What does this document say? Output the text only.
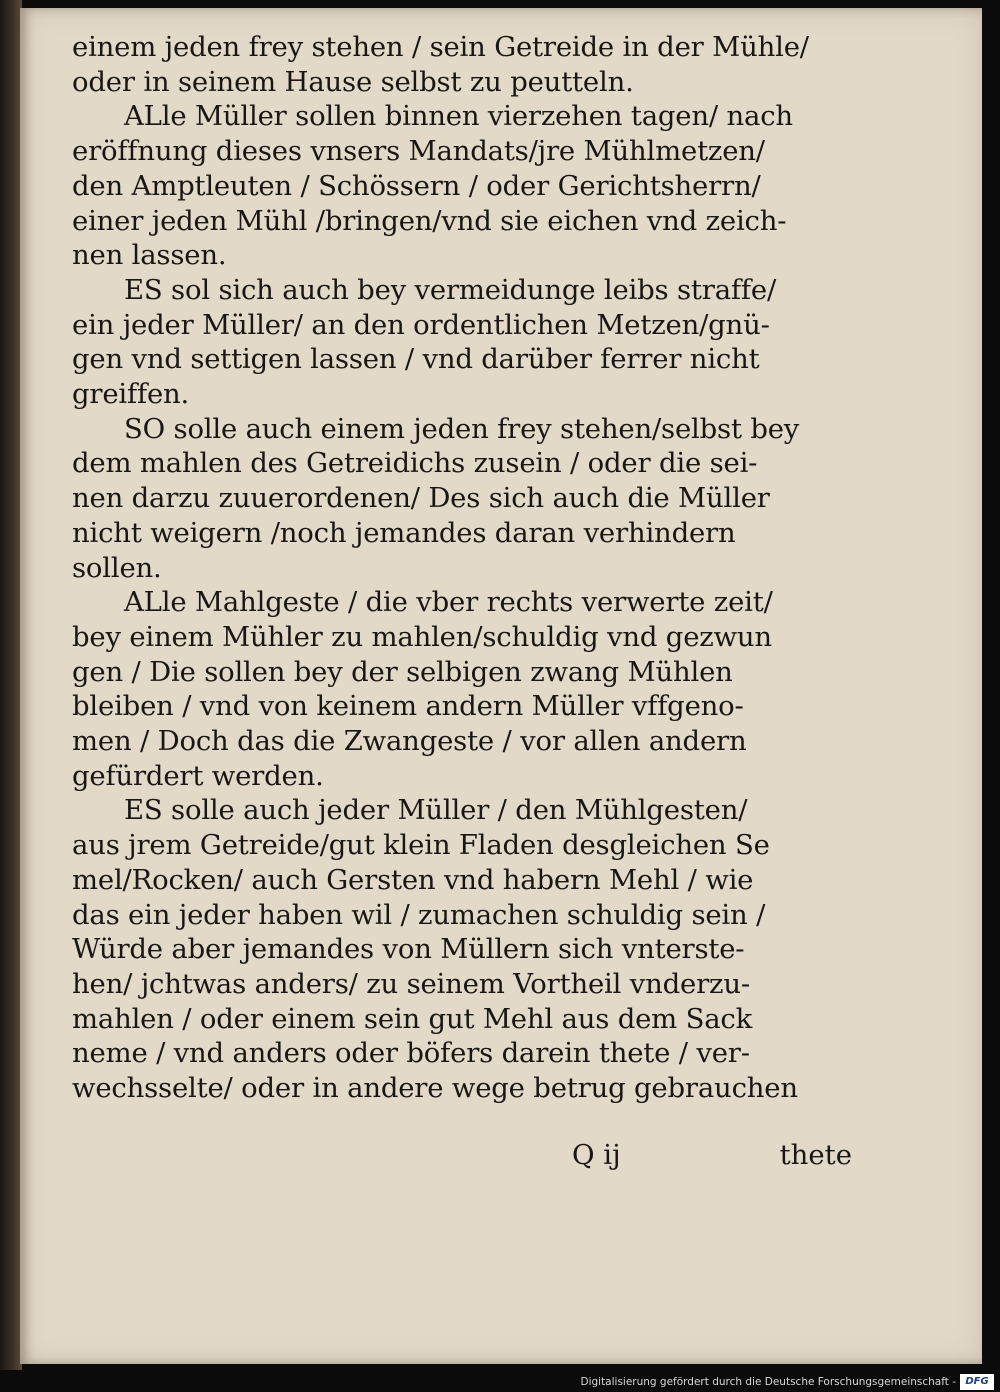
einem jeden frey stehen / sein Getreide in der Mühle/
oder in seinem Hause selbst zu peutteln.
ALle Müller sollen binnen vierzehen tagen/ nach
eröffnung dieses vnsers Mandats/jre Mühlmetzen/
den Amptleuten / Schössern / oder Gerichtsherrn/
einer jeden Mühl /bringen/vnd sie eichen vnd zeich-
nen lassen.
ES sol sich auch bey vermeidunge leibs straffe/
ein jeder Müller/ an den ordentlichen Metzen/gnü-
gen vnd settigen lassen / vnd darüber ferrer nicht
greiffen.
SO solle auch einem jeden frey stehen/selbst bey
dem mahlen des Getreidichs zusein / oder die sei-
nen darzu zuuerordenen/ Des sich auch die Müller
nicht weigern /noch jemandes daran verhindern
sollen.
ALle Mahlgeste / die vber rechts verwerte zeit/
bey einem Mühler zu mahlen/schuldig vnd gezwun
gen / Die sollen bey der selbigen zwang Mühlen
bleiben / vnd von keinem andern Müller vffgeno-
men / Doch das die Zwangeste / vor allen andern
gefürdert werden.
ES solle auch jeder Müller / den Mühlgesten/
aus jrem Getreide/gut klein Fladen desgleichen Se
mel/Rocken/ auch Gersten vnd habern Mehl / wie
das ein jeder haben wil / zumachen schuldig sein /
Würde aber jemandes von Müllern sich vnterste-
hen/ jchtwas anders/ zu seinem Vortheil vnderzu-
mahlen / oder einem sein gut Mehl aus dem Sack
neme / vnd anders oder böfers darein thete / ver-
wechsselte/ oder in andere wege betrug gebrauchen
Q ij	thete
Digitalisierung gefördert durch die Deutsche Forschungsgemeinschaft - DFG
